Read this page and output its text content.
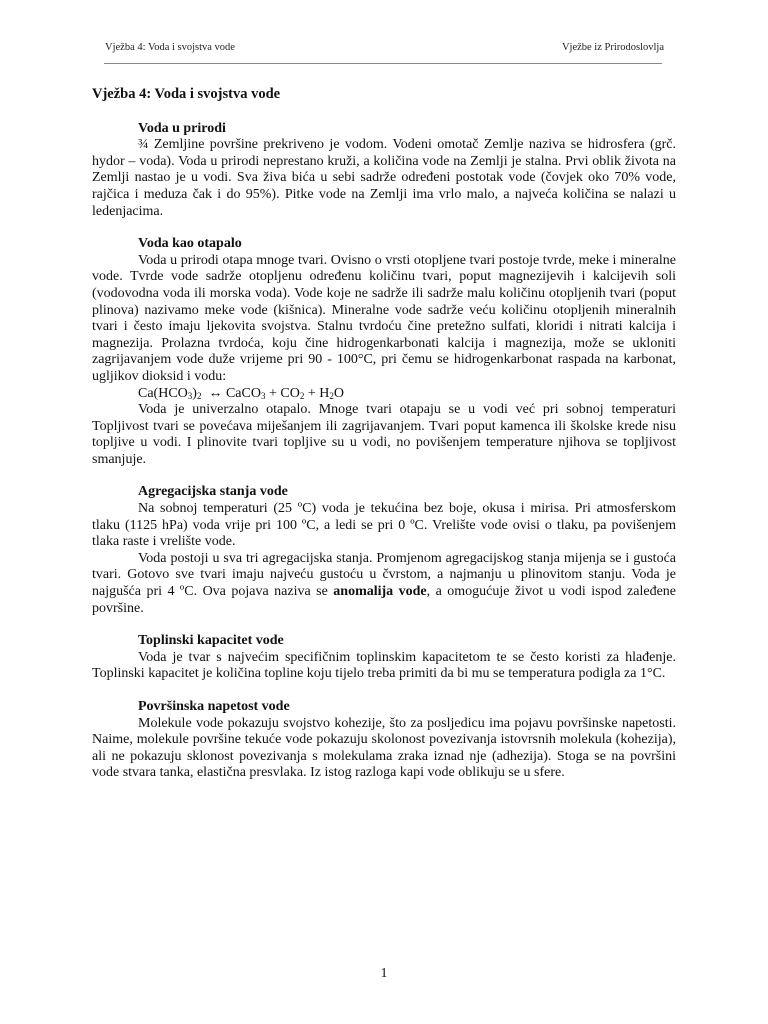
Vježba 4: Voda i svojstva vode	Vježbe iz Prirodoslovlja
Vježba 4: Voda i svojstva vode
Voda u prirodi

¾ Zemljine površine prekriveno je vodom. Vodeni omotač Zemlje naziva se hidrosfera (grč. hydor – voda). Voda u prirodi neprestano kruži, a količina vode na Zemlji je stalna. Prvi oblik života na Zemlji nastao je u vodi. Sva živa bića u sebi sadrže određeni postotak vode (čovjek oko 70% vode, rajčica i meduza čak i do 95%). Pitke vode na Zemlji ima vrlo malo, a najveća količina se nalazi u ledenjacima.

Voda kao otapalo

Voda u prirodi otapa mnoge tvari. Ovisno o vrsti otopljene tvari postoje tvrde, meke i mineralne vode. Tvrde vode sadrže otopljenu određenu količinu tvari, poput magnezijevih i kalcijevih soli (vodovodna voda ili morska voda). Vode koje ne sadrže ili sadrže malu količinu otopljenih tvari (poput plinova) nazivamo meke vode (kišnica). Mineralne vode sadrže veću količinu otopljenih mineralnih tvari i često imaju ljekovita svojstva. Stalnu tvrdoću čine pretežno sulfati, kloridi i nitrati kalcija i magnezija. Prolazna tvrdoća, koju čine hidrogenkarbonati kalcija i magnezija, može se ukloniti zagrijavanjem vode duže vrijeme pri 90 - 100°C, pri čemu se hidrogenkarbonat raspada na karbonat, ugljikov dioksid i vodu:

$Ca(HCO_3)_2$ ↔ CaCO$_3$ + $CO_2 + H_2O$

Voda je univerzalno otapalo. Mnoge tvari otapaju se u vodi već pri sobnoj temperaturi Topljivost tvari se povećava miješanjem ili zagrijavanjem. Tvari poput kamenca ili školske krede nisu topljive u vodi. I plinovite tvari topljive su u vodi, no povišenjem temperature njihova se topljivost smanjuje.

Agregacijska stanja vode

Na sobnoj temperaturi (25 ºC) voda je tekućina bez boje, okusa i mirisa. Pri atmosferskom tlaku (1125 hPa) voda vrije pri 100 ºC, a ledi se pri 0 ºC. Vrelište vode ovisi o tlaku, pa povišenjem tlaka raste i vrelište vode.

Voda postoji u sva tri agregacijska stanja. Promjenom agregacijskog stanja mijenja se i gustoća tvari. Gotovo sve tvari imaju najveću gustoću u čvrstom, a najmanju u plinovitom stanju. Voda je najgušća pri 4 ºC. Ova pojava naziva se anomalija vode, a omogućuje život u vodi ispod zaleđene površine.

Toplinski kapacitet vode

Voda je tvar s najvećim specifičnim toplinskim kapacitetom te se često koristi za hlađenje. Toplinski kapacitet je količina topline koju tijelo treba primiti da bi mu se temperatura podigla za 1°C.

Površinska napetost vode

Molekule vode pokazuju svojstvo kohezije, što za posljedicu ima pojavu površinske napetosti. Naime, molekule površine tekuće vode pokazuju skolonost povezivanja istovrsnih molekula (kohezija), ali ne pokazuju sklonost povezivanja s molekulama zraka iznad nje (adhezija). Stoga se na površini vode stvara tanka, elastična presvlaka. Iz istog razloga kapi vode oblikuju se u sfere.

1
